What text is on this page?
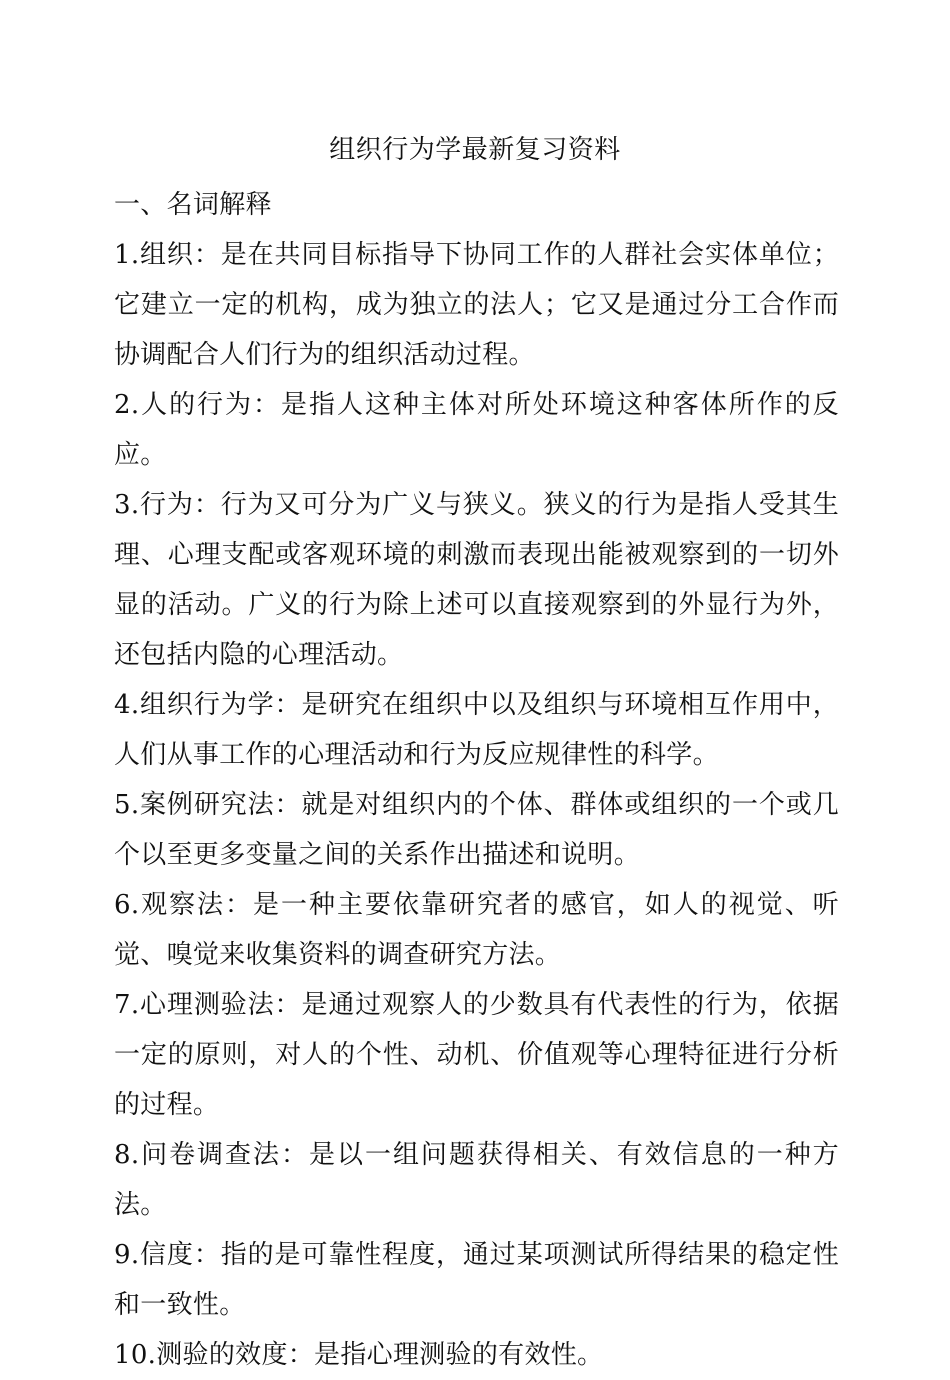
组织行为学最新复习资料

一、名词解释

1.组织：是在共同目标指导下协同工作的人群社会实体单位；它建立一定的机构，成为独立的法人；它又是通过分工合作而协调配合人们行为的组织活动过程。

2.人的行为：是指人这种主体对所处环境这种客体所作的反应。

3.行为：行为又可分为广义与狭义。狭义的行为是指人受其生理、心理支配或客观环境的刺激而表现出能被观察到的一切外显的活动。广义的行为除上述可以直接观察到的外显行为外，还包括内隐的心理活动。

4.组织行为学：是研究在组织中以及组织与环境相互作用中，人们从事工作的心理活动和行为反应规律性的科学。

5.案例研究法：就是对组织内的个体、群体或组织的一个或几个以至更多变量之间的关系作出描述和说明。

6.观察法：是一种主要依靠研究者的感官，如人的视觉、听觉、嗅觉来收集资料的调查研究方法。

7.心理测验法：是通过观察人的少数具有代表性的行为，依据一定的原则，对人的个性、动机、价值观等心理特征进行分析的过程。

8.问卷调查法：是以一组问题获得相关、有效信息的一种方法。

9.信度：指的是可靠性程度，通过某项测试所得结果的稳定性和一致性。

10.测验的效度：是指心理测验的有效性。
